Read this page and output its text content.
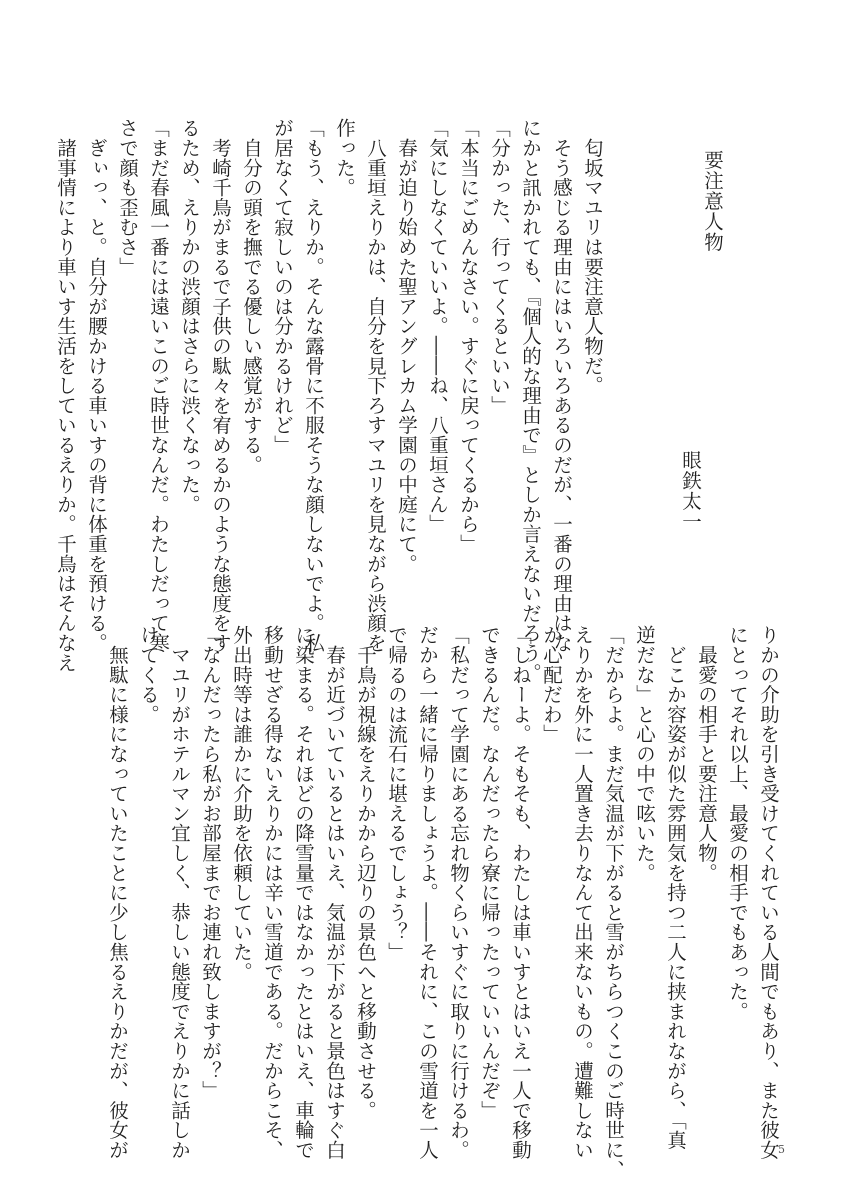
要注意人物
眼鉄太一

　匂坂マユリは要注意人物だ。

　そう感じる理由にはいろいろあるのだが、一番の理由はな

にかと訊かれても、『個人的な理由で』としか言えないだろう。

「分かった、行ってくるといい」

「本当にごめんなさい。すぐに戻ってくるから」

「気にしなくていいよ。――ね、八重垣さん」

　春が迫り始めた聖アングレカム学園の中庭にて。

　八重垣えりかは、自分を見下ろすマユリを見ながら渋顔を

作った。

「もう、えりか。そんな露骨に不服そうな顔しないでよ。私

が居なくて寂しいのは分かるけれど」

　自分の頭を撫でる優しい感覚がする。

　考崎千鳥がまるで子供の駄々を宥めるかのような態度をす

るため、えりかの渋顔はさらに渋くなった。

「まだ春風一番には遠いこのご時世なんだ。わたしだって寒

さで顔も歪むさ」

　ぎぃっ、と。自分が腰かける車いすの背に体重を預ける。

　諸事情により車いす生活をしているえりか。千鳥はそんなえ

りかの介助を引き受けてくれている人間でもあり、また彼女

にとってそれ以上、最愛の相手でもあった。

　最愛の相手と要注意人物。

　どこか容姿が似た雰囲気を持つ二人に挟まれながら、「真

逆だな」と心の中で呟いた。

「だからよ。まだ気温が下がると雪がちらつくこのご時世に、

えりかを外に一人置き去りなんて出来ないもの。遭難しない

か心配だわ」

「しねーよ。そもそも、わたしは車いすとはいえ一人で移動

できるんだ。なんだったら寮に帰ったっていいんだぞ」

「私だって学園にある忘れ物くらいすぐに取りに行けるわ。

だから一緒に帰りましょうよ。――それに、この雪道を一人

で帰るのは流石に堪えるでしょう？」

　千鳥が視線をえりかから辺りの景色へと移動させる。

　春が近づいているとはいえ、気温が下がると景色はすぐ白

に染まる。それほどの降雪量ではなかったとはいえ、車輪で

移動せざる得ないえりかには辛い雪道である。だからこそ、

外出時等は誰かに介助を依頼していた。

「なんだったら私がお部屋までお連れ致しますが？」

　マユリがホテルマン宜しく、恭しい態度でえりかに話しか

けてくる。

　無駄に様になっていたことに少し焦るえりかだが、彼女が	5
